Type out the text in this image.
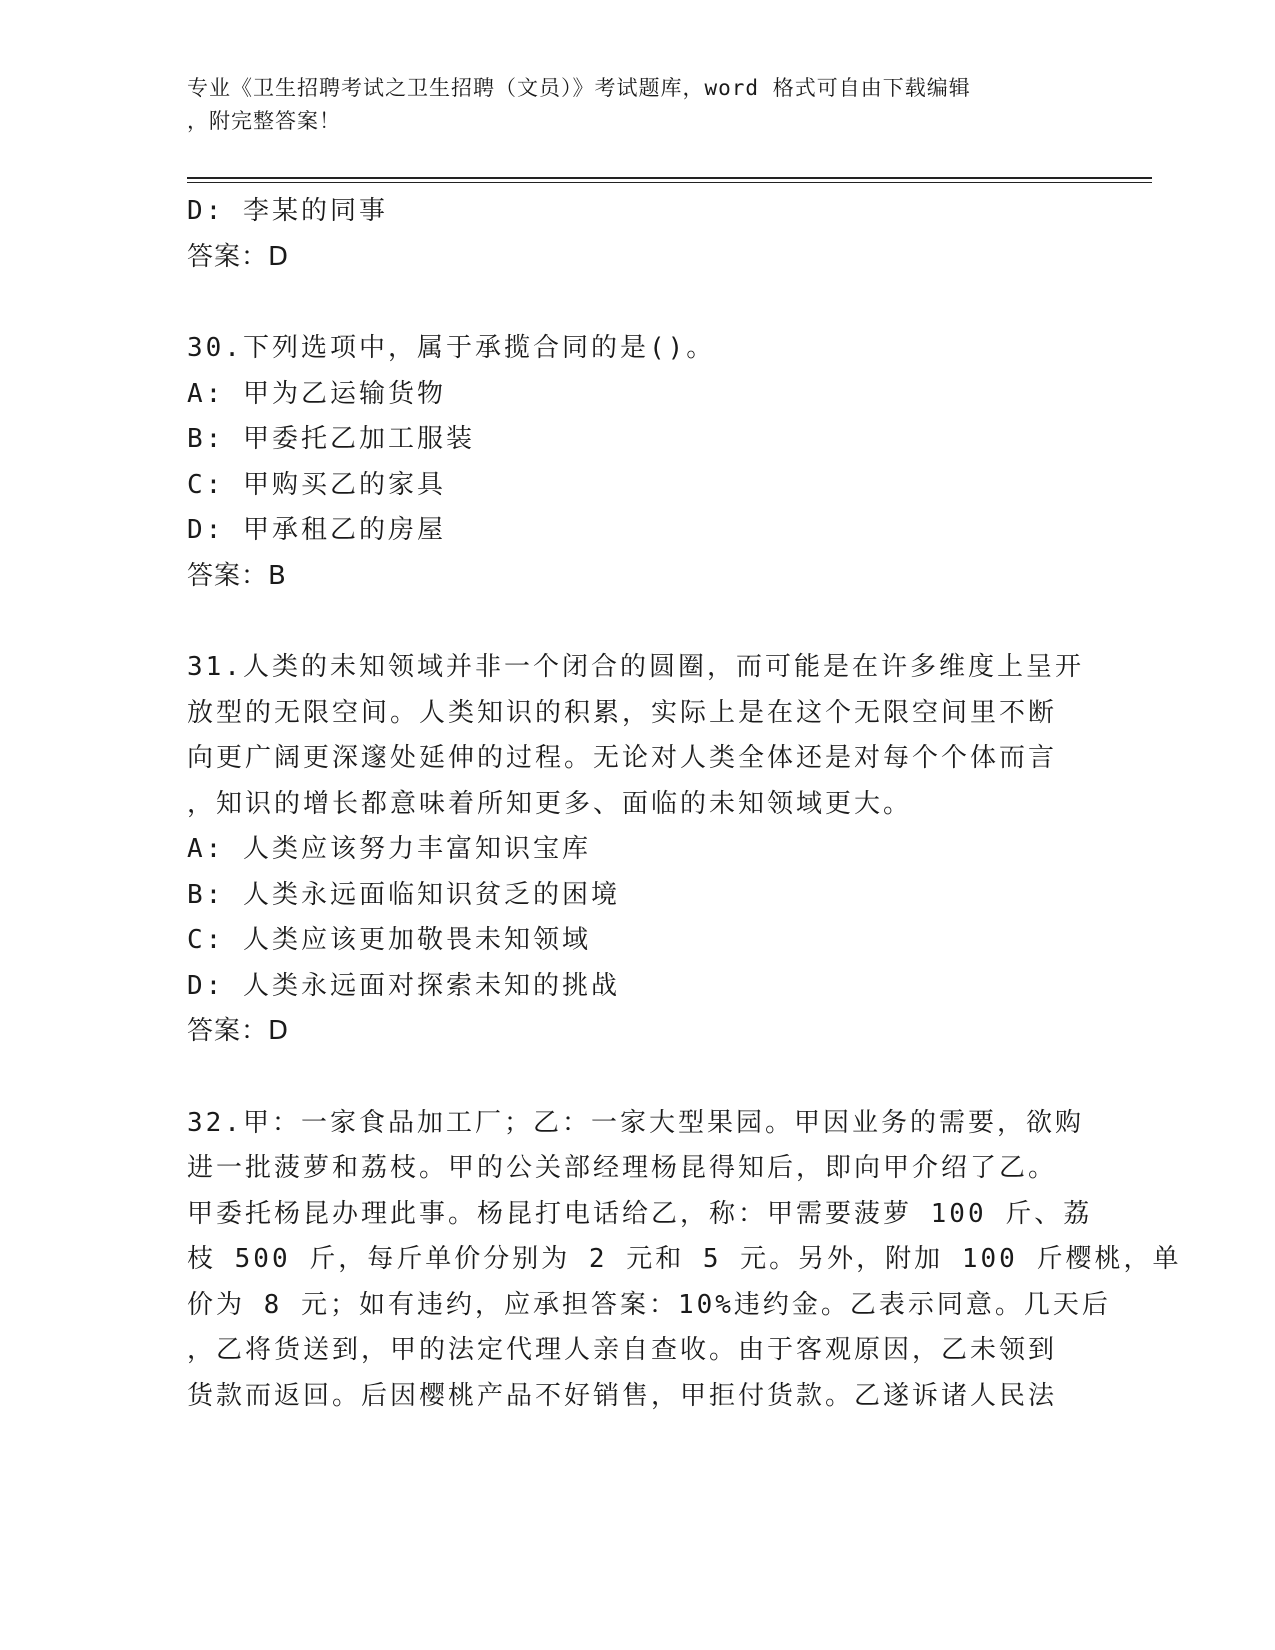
专业《卫生招聘考试之卫生招聘（文员）》考试题库，word 格式可自由下载编辑
，附完整答案！
D: 李某的同事
答案：D
30.下列选项中，属于承揽合同的是()。
A: 甲为乙运输货物
B: 甲委托乙加工服装
C: 甲购买乙的家具
D: 甲承租乙的房屋
答案：B
31.人类的未知领域并非一个闭合的圆圈，而可能是在许多维度上呈开
放型的无限空间。人类知识的积累，实际上是在这个无限空间里不断
向更广阔更深邃处延伸的过程。无论对人类全体还是对每个个体而言
，知识的增长都意味着所知更多、面临的未知领域更大。
A: 人类应该努力丰富知识宝库
B: 人类永远面临知识贫乏的困境
C: 人类应该更加敬畏未知领域
D: 人类永远面对探索未知的挑战
答案：D
32.甲：一家食品加工厂；乙：一家大型果园。甲因业务的需要，欲购
进一批菠萝和荔枝。甲的公关部经理杨昆得知后，即向甲介绍了乙。
甲委托杨昆办理此事。杨昆打电话给乙，称：甲需要菠萝 100 斤、荔
枝 500 斤，每斤单价分别为 2 元和 5 元。另外，附加 100 斤樱桃，单
价为 8 元；如有违约，应承担答案：10%违约金。乙表示同意。几天后
，乙将货送到，甲的法定代理人亲自查收。由于客观原因，乙未领到
货款而返回。后因樱桃产品不好销售，甲拒付货款。乙遂诉诸人民法
